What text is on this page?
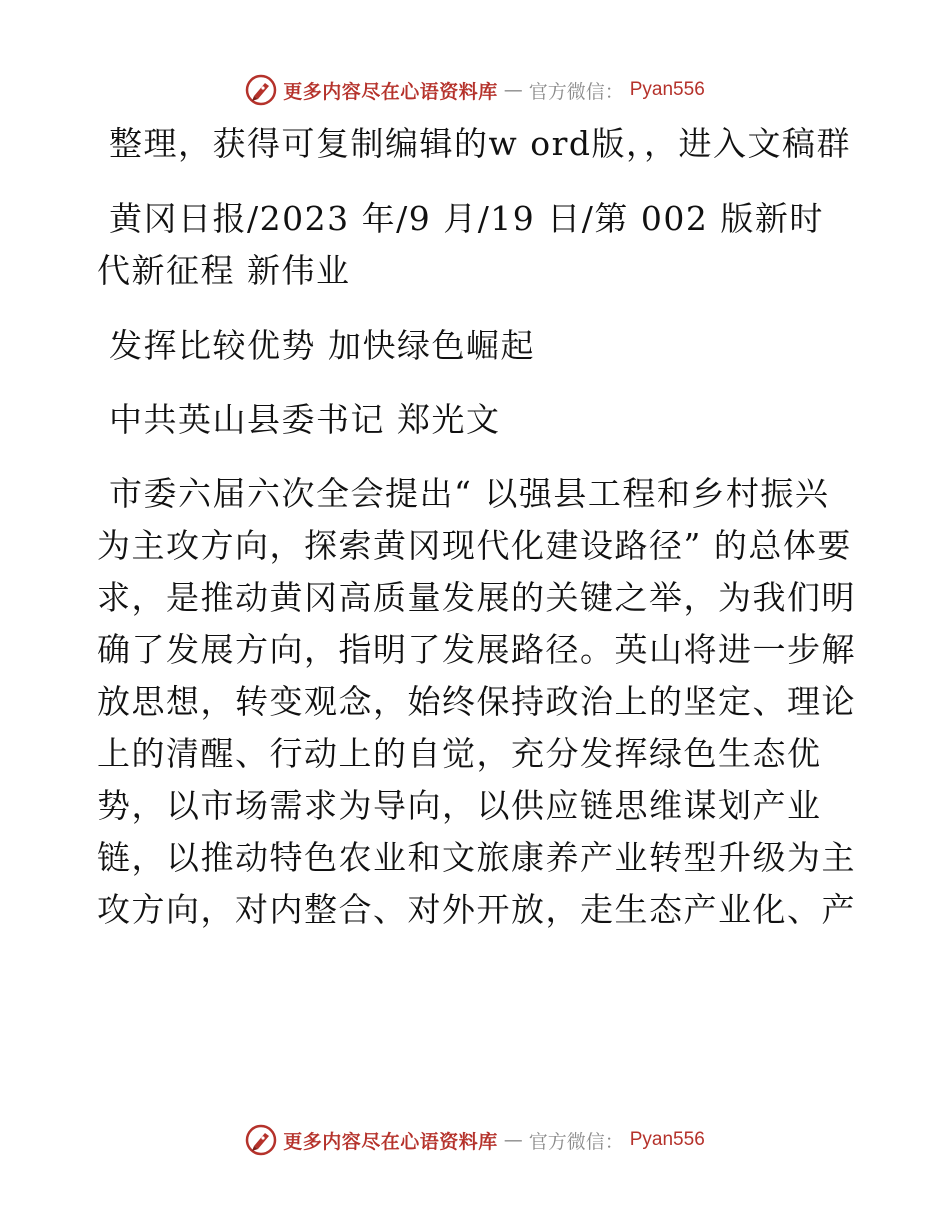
更多内容尽在心语资料库 — 官方微信： Pyan556

整理，获得可复制编辑的w ord版，，进入文稿群

黄冈日报/2023 年/9 月/19 日/第 002 版新时代新征程 新伟业

发挥比较优势 加快绿色崛起

中共英山县委书记 郑光文

市委六届六次全会提出“ 以强县工程和乡村振兴为主攻方向，探索黄冈现代化建设路径” 的总体要求，是推动黄冈高质量发展的关键之举，为我们明确了发展方向，指明了发展路径。英山将进一步解放思想，转变观念，始终保持政治上的坚定、理论上的清醒、行动上的自觉，充分发挥绿色生态优势，以市场需求为导向，以供应链思维谋划产业链，以推动特色农业和文旅康养产业转型升级为主攻方向，对内整合、对外开放，走生态产业化、产

更多内容尽在心语资料库 — 官方微信： Pyan556
